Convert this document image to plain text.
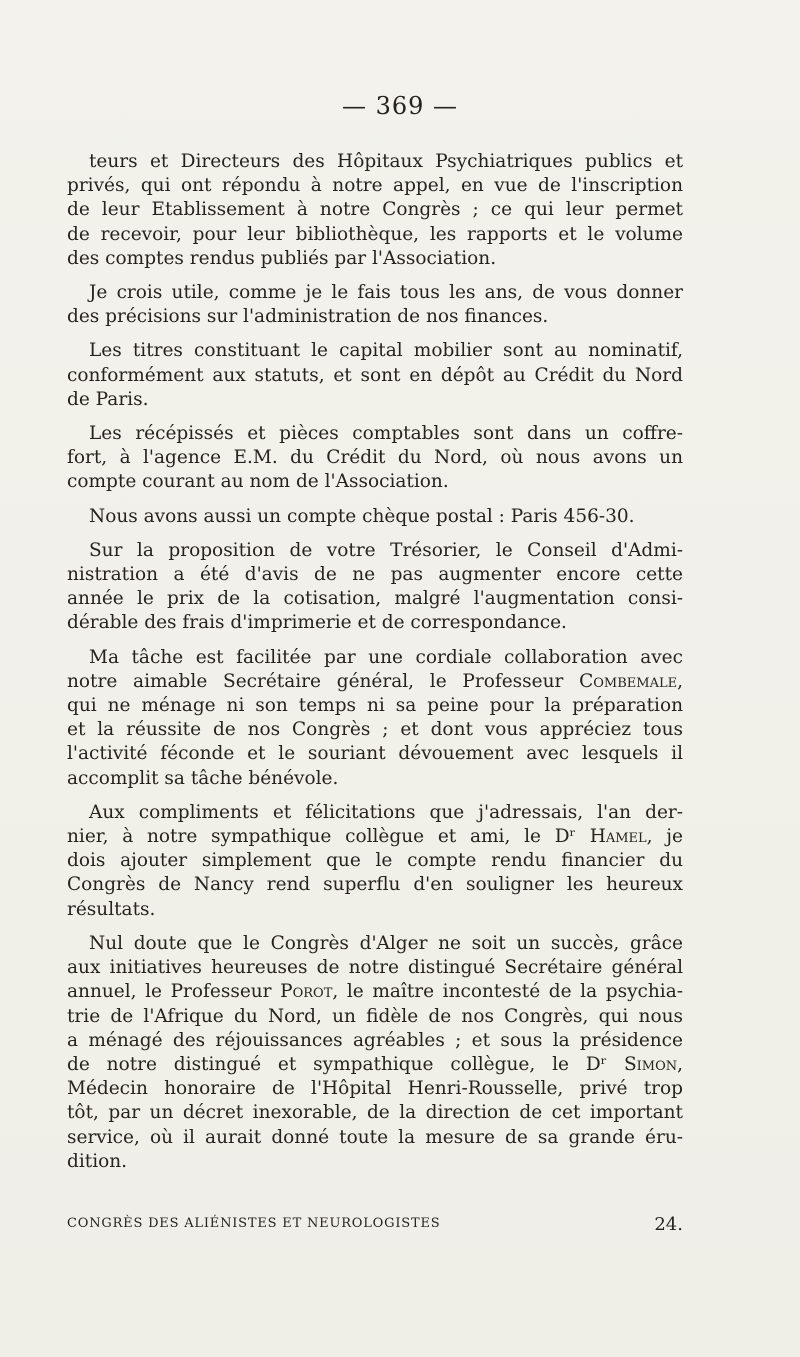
— 369 —

teurs et Directeurs des Hôpitaux Psychiatriques publics et
privés, qui ont répondu à notre appel, en vue de l'inscription
de leur Etablissement à notre Congrès ; ce qui leur permet
de recevoir, pour leur bibliothèque, les rapports et le volume
des comptes rendus publiés par l'Association.

Je crois utile, comme je le fais tous les ans, de vous donner
des précisions sur l'administration de nos finances.

Les titres constituant le capital mobilier sont au nominatif,
conformément aux statuts, et sont en dépôt au Crédit du Nord
de Paris.

Les récépissés et pièces comptables sont dans un coffre-
fort, à l'agence E.M. du Crédit du Nord, où nous avons un
compte courant au nom de l'Association.

Nous avons aussi un compte chèque postal : Paris 456-30.

Sur la proposition de votre Trésorier, le Conseil d'Admi-
nistration a été d'avis de ne pas augmenter encore cette
année le prix de la cotisation, malgré l'augmentation consi-
dérable des frais d'imprimerie et de correspondance.

Ma tâche est facilitée par une cordiale collaboration avec
notre aimable Secrétaire général, le Professeur Combemale,
qui ne ménage ni son temps ni sa peine pour la préparation
et la réussite de nos Congrès ; et dont vous appréciez tous
l'activité féconde et le souriant dévouement avec lesquels il
accomplit sa tâche bénévole.

Aux compliments et félicitations que j'adressais, l'an der-
nier, à notre sympathique collègue et ami, le Dʳ Hamel, je
dois ajouter simplement que le compte rendu financier du
Congrès de Nancy rend superflu d'en souligner les heureux
résultats.

Nul doute que le Congrès d'Alger ne soit un succès, grâce
aux initiatives heureuses de notre distingué Secrétaire général
annuel, le Professeur Porot, le maître incontesté de la psychia-
trie de l'Afrique du Nord, un fidèle de nos Congrès, qui nous
a ménagé des réjouissances agréables ; et sous la présidence
de notre distingué et sympathique collègue, le Dʳ Simon,
Médecin honoraire de l'Hôpital Henri-Rousselle, privé trop
tôt, par un décret inexorable, de la direction de cet important
service, où il aurait donné toute la mesure de sa grande éru-
dition.

CONGRÈS DES ALIÉNISTES ET NEUROLOGISTES	24.
